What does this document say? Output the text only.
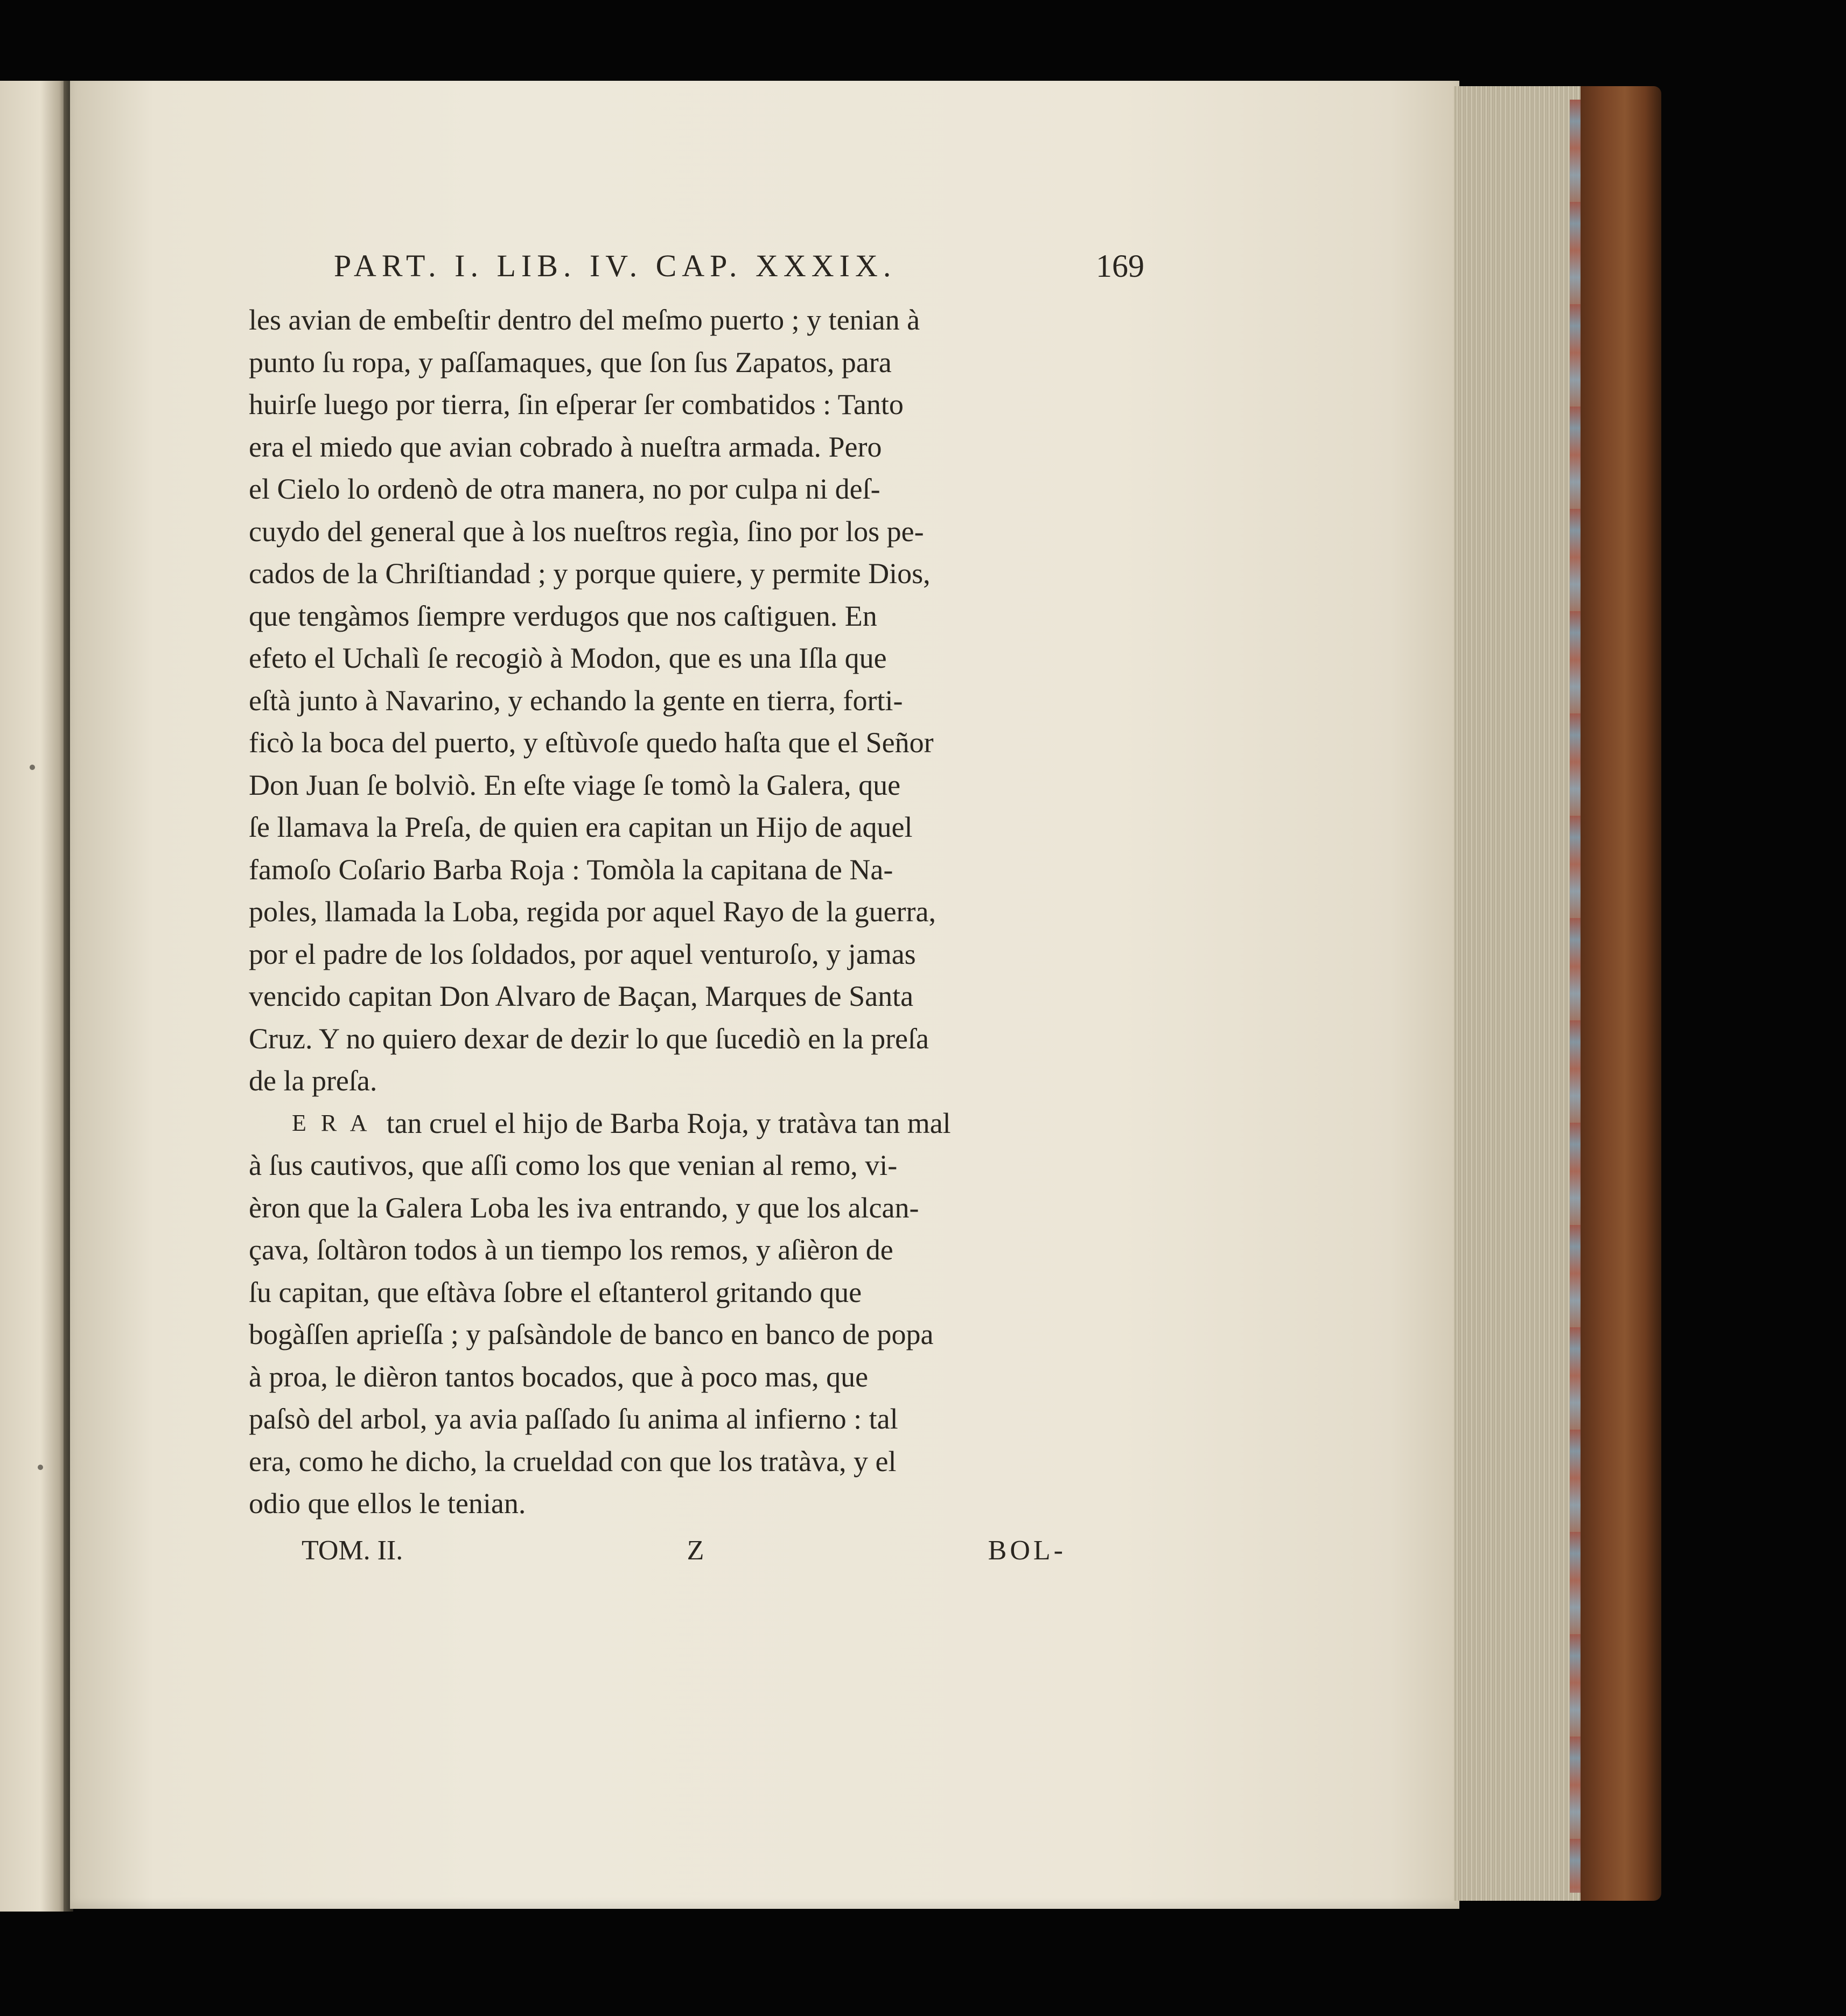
PART. I. LIB. IV. CAP. XXXIX.	169
les avian de embeſtir dentro del meſmo puerto ; y tenian à
punto ſu ropa, y paſſamaques, que ſon ſus Zapatos, para
huirſe luego por tierra, ſin eſperar ſer combatidos : Tanto
era el miedo que avian cobrado à nueſtra armada. Pero
el Cielo lo ordenò de otra manera, no por culpa ni deſ-
cuydo del general que à los nueſtros regìa, ſino por los pe-
cados de la Chriſtiandad ; y porque quiere, y permite Dios,
que tengàmos ſiempre verdugos que nos caſtiguen. En
efeto el Uchalì ſe recogiò à Modon, que es una Iſla que
eſtà junto à Navarino, y echando la gente en tierra, forti-
ficò la boca del puerto, y eſtùvoſe quedo haſta que el Señor
Don Juan ſe bolviò. En eſte viage ſe tomò la Galera, que
ſe llamava la Preſa, de quien era capitan un Hijo de aquel
famoſo Coſario Barba Roja : Tomòla la capitana de Na-
poles, llamada la Loba, regida por aquel Rayo de la guerra,
por el padre de los ſoldados, por aquel venturoſo, y jamas
vencido capitan Don Alvaro de Baçan, Marques de Santa
Cruz. Y no quiero dexar de dezir lo que ſucediò en la preſa
de la preſa.
E R A tan cruel el hijo de Barba Roja, y tratàva tan mal
à ſus cautivos, que aſſi como los que venian al remo, vi-
èron que la Galera Loba les iva entrando, y que los alcan-
çava, ſoltàron todos à un tiempo los remos, y aſièron de
ſu capitan, que eſtàva ſobre el eſtanterol gritando que
bogàſſen aprieſſa ; y paſsàndole de banco en banco de popa
à proa, le dièron tantos bocados, que à poco mas, que
paſsò del arbol, ya avia paſſado ſu anima al infierno : tal
era, como he dicho, la crueldad con que los tratàva, y el
odio que ellos le tenian.
TOM. II.	Z	BOL-
